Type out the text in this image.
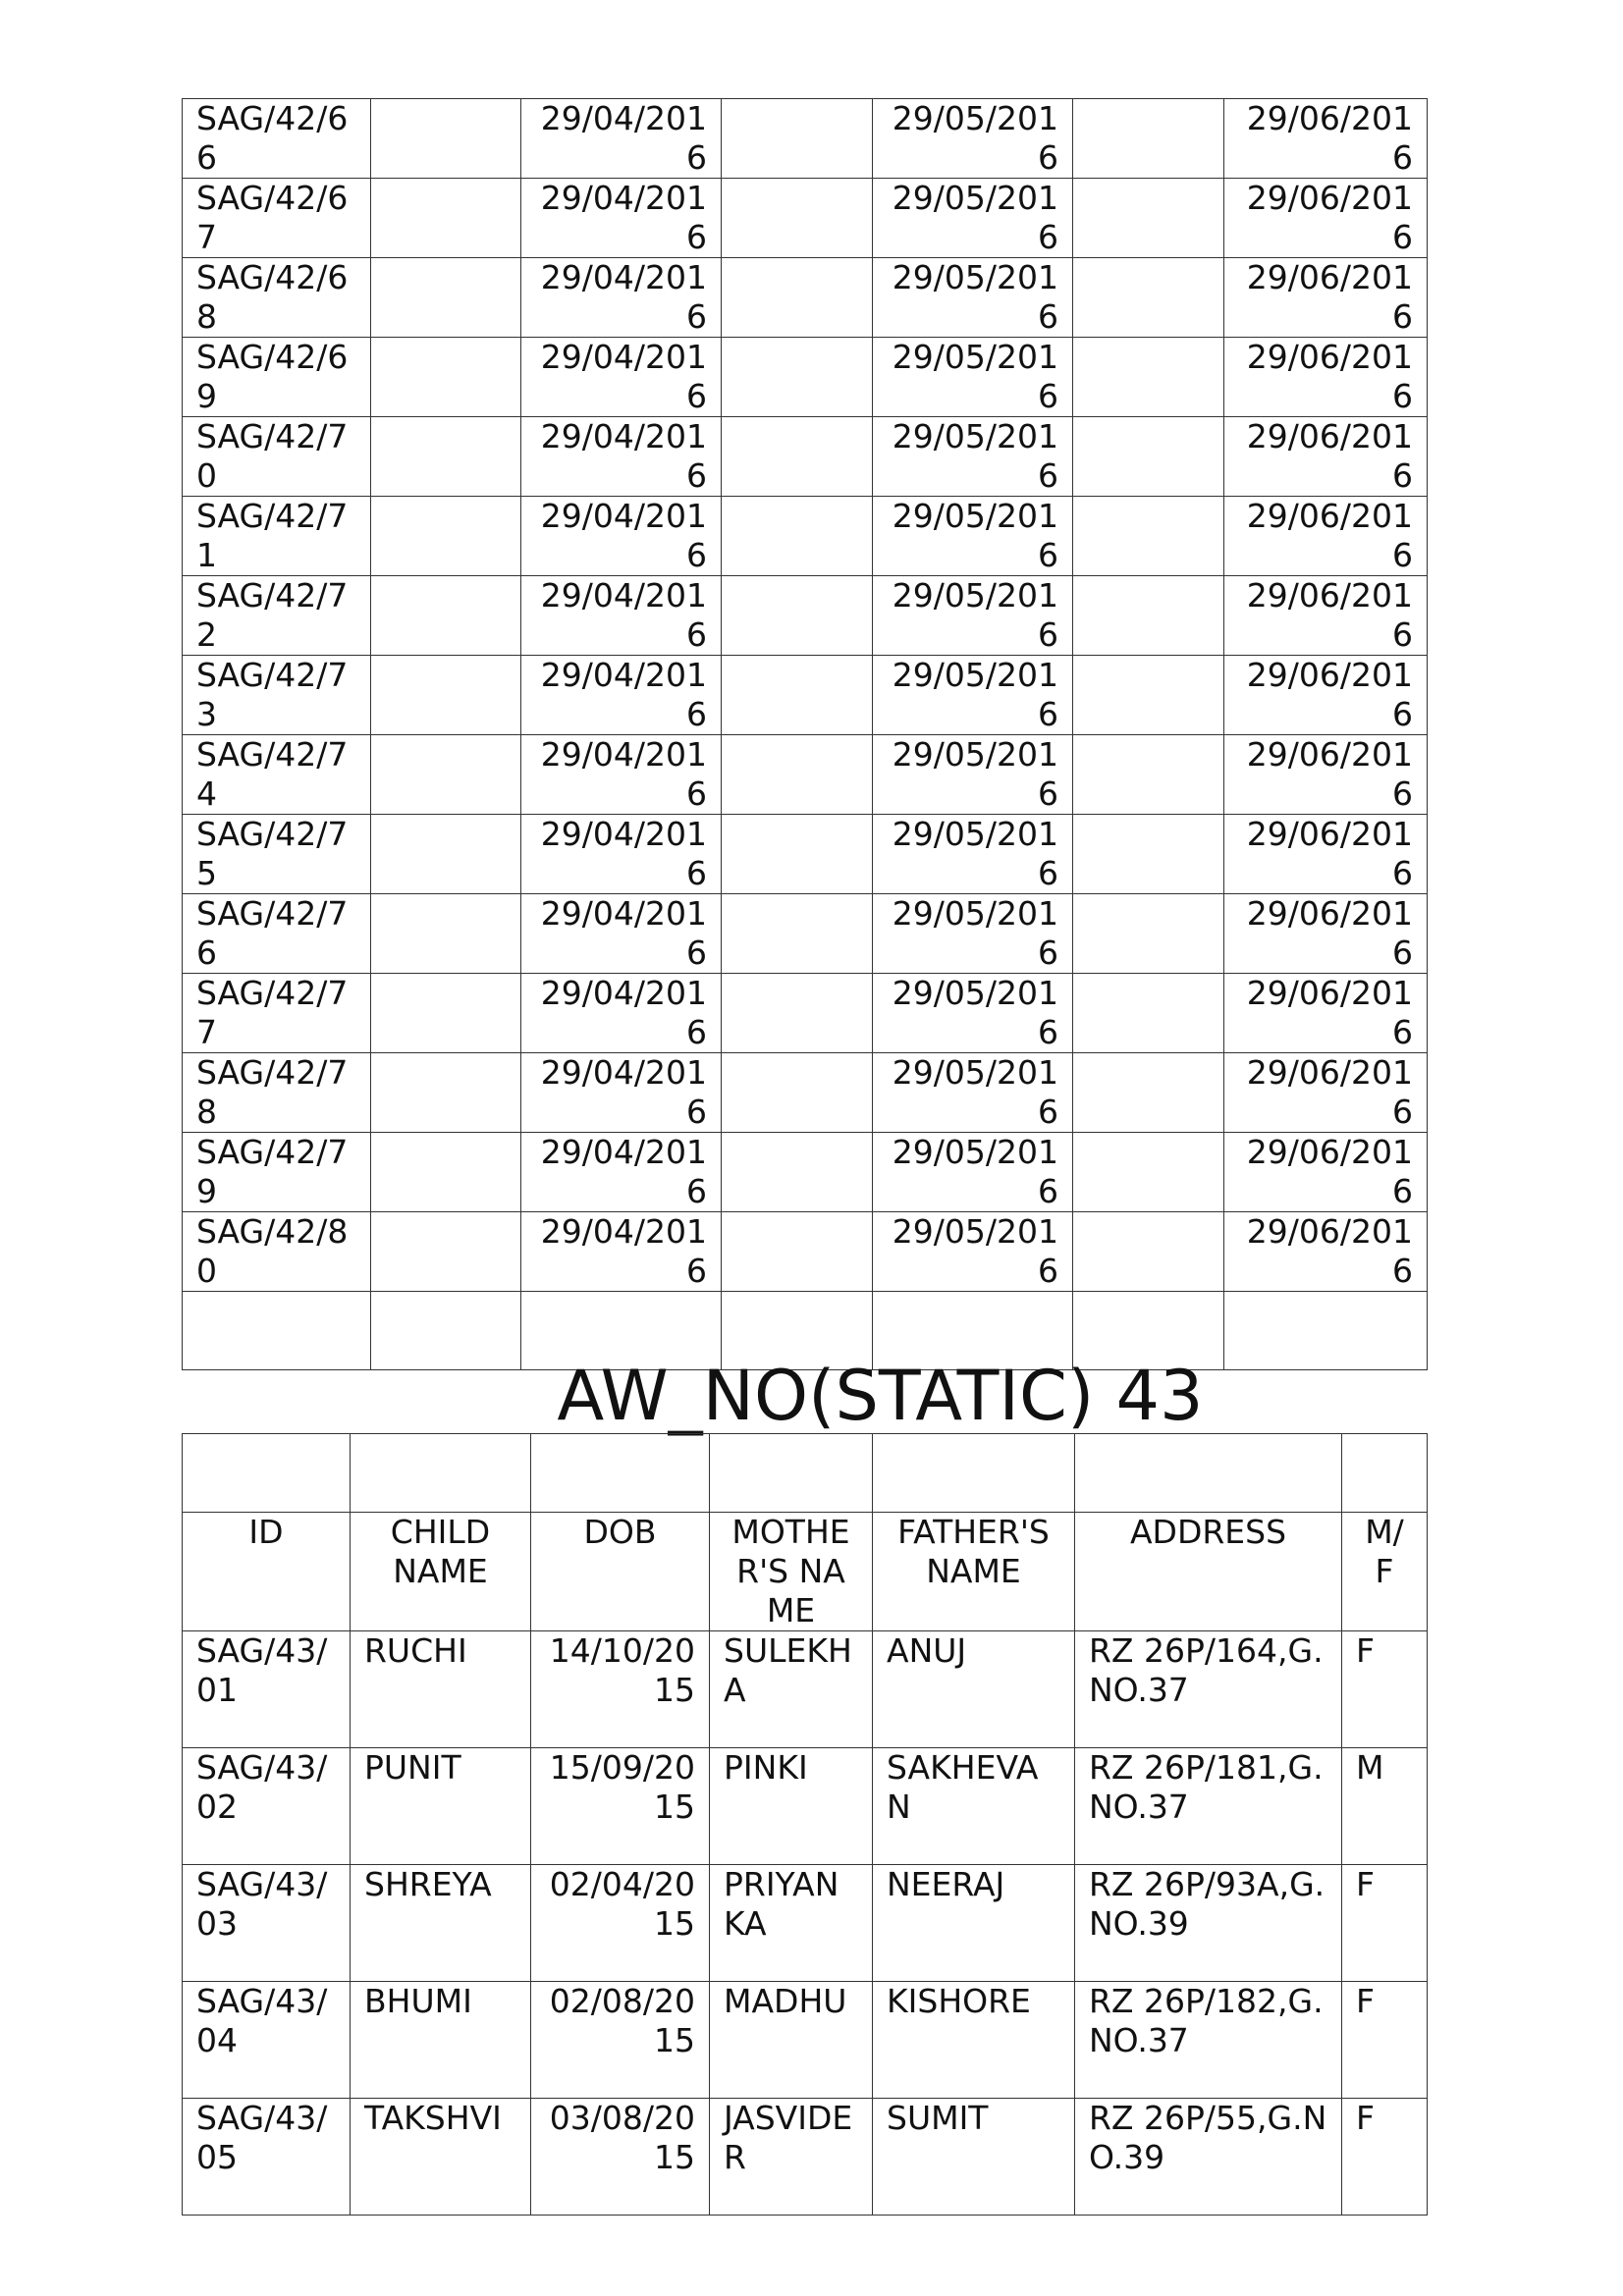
SAG/42/66		29/04/2016		29/05/2016		29/06/2016
SAG/42/67		29/04/2016		29/05/2016		29/06/2016
SAG/42/68		29/04/2016		29/05/2016		29/06/2016
SAG/42/69		29/04/2016		29/05/2016		29/06/2016
SAG/42/70		29/04/2016		29/05/2016		29/06/2016
SAG/42/71		29/04/2016		29/05/2016		29/06/2016
SAG/42/72		29/04/2016		29/05/2016		29/06/2016
SAG/42/73		29/04/2016		29/05/2016		29/06/2016
SAG/42/74		29/04/2016		29/05/2016		29/06/2016
SAG/42/75		29/04/2016		29/05/2016		29/06/2016
SAG/42/76		29/04/2016		29/05/2016		29/06/2016
SAG/42/77		29/04/2016		29/05/2016		29/06/2016
SAG/42/78		29/04/2016		29/05/2016		29/06/2016
SAG/42/79		29/04/2016		29/05/2016		29/06/2016
SAG/42/80		29/04/2016		29/05/2016		29/06/2016

AW_NO(STATIC) 43

ID	CHILD NAME	DOB	MOTHER'S NAME	FATHER'S NAME	ADDRESS	M/F
SAG/43/01	RUCHI	14/10/2015	SULEKHA	ANUJ	RZ 26P/164,G.NO.37	F
SAG/43/02	PUNIT	15/09/2015	PINKI	SAKHEVAN	RZ 26P/181,G.NO.37	M
SAG/43/03	SHREYA	02/04/2015	PRIYANKA	NEERAJ	RZ 26P/93A,G.NO.39	F
SAG/43/04	BHUMI	02/08/2015	MADHU	KISHORE	RZ 26P/182,G.NO.37	F
SAG/43/05	TAKSHVI	03/08/2015	JASVIDER	SUMIT	RZ 26P/55,G.NO.39	F
